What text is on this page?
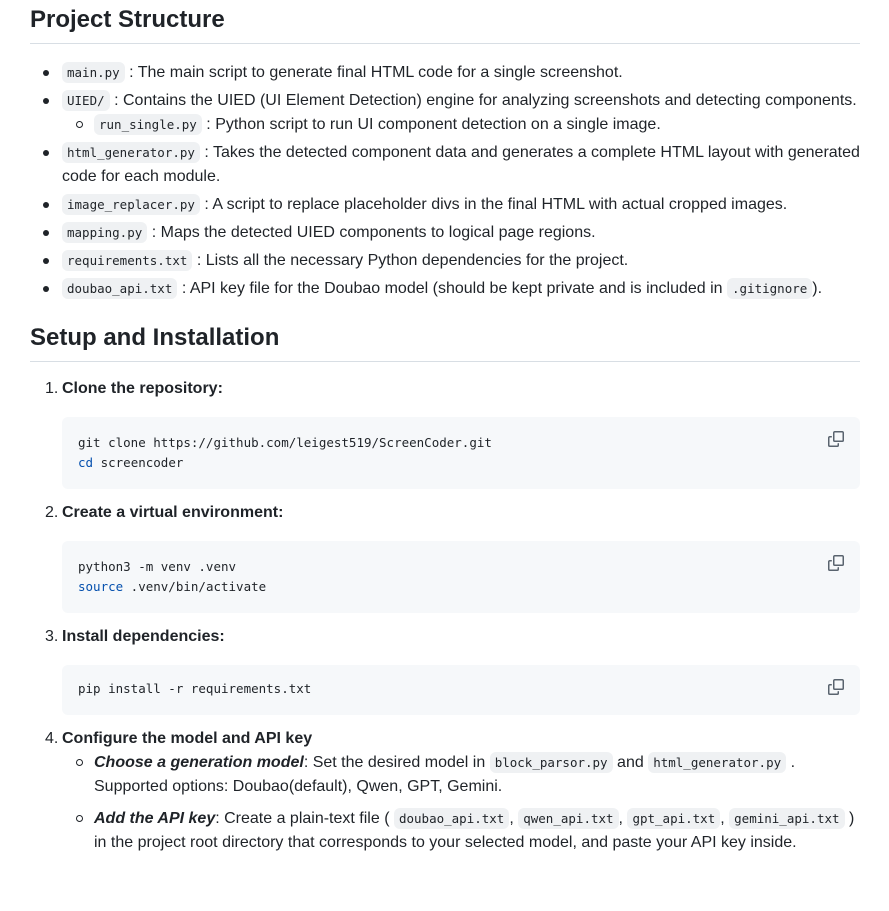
Project Structure
main.py : The main script to generate final HTML code for a single screenshot.
UIED/ : Contains the UIED (UI Element Detection) engine for analyzing screenshots and detecting components.
run_single.py : Python script to run UI component detection on a single image.
html_generator.py : Takes the detected component data and generates a complete HTML layout with generated code for each module.
image_replacer.py : A script to replace placeholder divs in the final HTML with actual cropped images.
mapping.py : Maps the detected UIED components to logical page regions.
requirements.txt : Lists all the necessary Python dependencies for the project.
doubao_api.txt : API key file for the Doubao model (should be kept private and is included in .gitignore ).
Setup and Installation
1. Clone the repository:
git clone https://github.com/leigest519/ScreenCoder.git
cd screencoder
2. Create a virtual environment:
python3 -m venv .venv
source .venv/bin/activate
3. Install dependencies:
pip install -r requirements.txt
4. Configure the model and API key
Choose a generation model: Set the desired model in block_parsor.py and html_generator.py . Supported options: Doubao(default), Qwen, GPT, Gemini.
Add the API key: Create a plain-text file ( doubao_api.txt , qwen_api.txt , gpt_api.txt , gemini_api.txt ) in the project root directory that corresponds to your selected model, and paste your API key inside.
